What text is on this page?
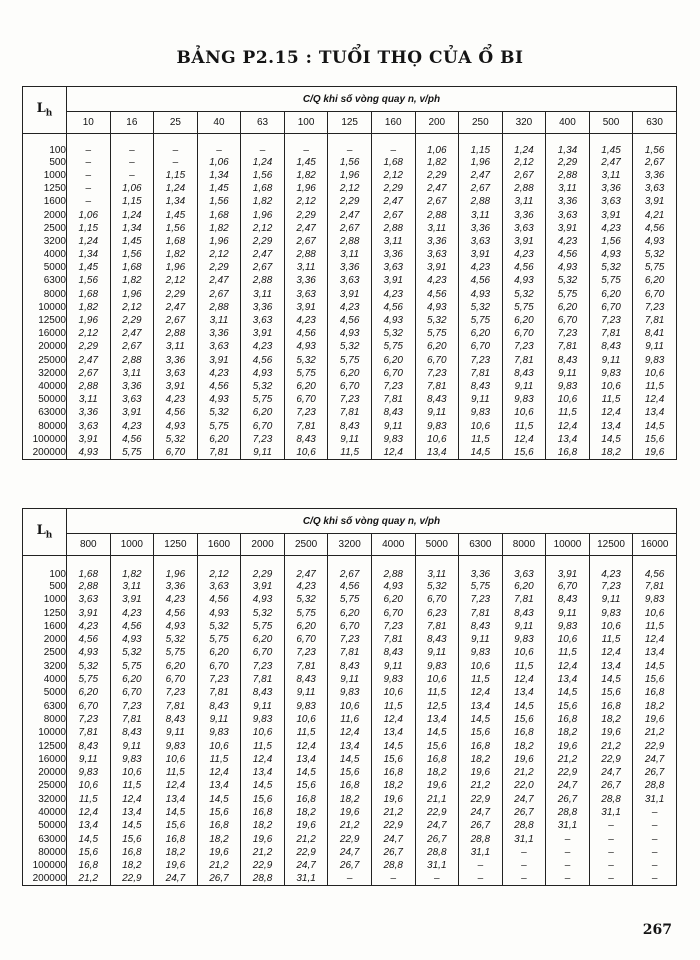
BẢNG P2.15 : TUỔI THỌ CỦA Ổ BI
$L_h$	C/Q khi số vòng quay n, v/ph													
	10	16	25	40	63	100	125	160	200	250	320	400	500	630
100	–	–	–	–	–	–	–	–	1,06	1,15	1,24	1,34	1,45	1,56
500	–	–	–	1,06	1,24	1,45	1,56	1,68	1,82	1,96	2,12	2,29	2,47	2,67
1000	–	–	1,15	1,34	1,56	1,82	1,96	2,12	2,29	2,47	2,67	2,88	3,11	3,36
1250	–	1,06	1,24	1,45	1,68	1,96	2,12	2,29	2,47	2,67	2,88	3,11	3,36	3,63
1600	–	1,15	1,34	1,56	1,82	2,12	2,29	2,47	2,67	2,88	3,11	3,36	3,63	3,91
2000	1,06	1,24	1,45	1,68	1,96	2,29	2,47	2,67	2,88	3,11	3,36	3,63	3,91	4,21
2500	1,15	1,34	1,56	1,82	2,12	2,47	2,67	2,88	3,11	3,36	3,63	3,91	4,23	4,56
3200	1,24	1,45	1,68	1,96	2,29	2,67	2,88	3,11	3,36	3,63	3,91	4,23	1,56	4,93
4000	1,34	1,56	1,82	2,12	2,47	2,88	3,11	3,36	3,63	3,91	4,23	4,56	4,93	5,32
5000	1,45	1,68	1,96	2,29	2,67	3,11	3,36	3,63	3,91	4,23	4,56	4,93	5,32	5,75
6300	1,56	1,82	2,12	2,47	2,88	3,36	3,63	3,91	4,23	4,56	4,93	5,32	5,75	6,20
8000	1,68	1,96	2,29	2,67	3,11	3,63	3,91	4,23	4,56	4,93	5,32	5,75	6,20	6,70
10000	1,82	2,12	2,47	2,88	3,36	3,91	4,23	4,56	4,93	5,32	5,75	6,20	6,70	7,23
12500	1,96	2,29	2,67	3,11	3,63	4,23	4,56	4,93	5,32	5,75	6,20	6,70	7,23	7,81
16000	2,12	2,47	2,88	3,36	3,91	4,56	4,93	5,32	5,75	6,20	6,70	7,23	7,81	8,41
20000	2,29	2,67	3,11	3,63	4,23	4,93	5,32	5,75	6,20	6,70	7,23	7,81	8,43	9,11
25000	2,47	2,88	3,36	3,91	4,56	5,32	5,75	6,20	6,70	7,23	7,81	8,43	9,11	9,83
32000	2,67	3,11	3,63	4,23	4,93	5,75	6,20	6,70	7,23	7,81	8,43	9,11	9,83	10,6
40000	2,88	3,36	3,91	4,56	5,32	6,20	6,70	7,23	7,81	8,43	9,11	9,83	10,6	11,5
50000	3,11	3,63	4,23	4,93	5,75	6,70	7,23	7,81	8,43	9,11	9,83	10,6	11,5	12,4
63000	3,36	3,91	4,56	5,32	6,20	7,23	7,81	8,43	9,11	9,83	10,6	11,5	12,4	13,4
80000	3,63	4,23	4,93	5,75	6,70	7,81	8,43	9,11	9,83	10,6	11,5	12,4	13,4	14,5
100000	3,91	4,56	5,32	6,20	7,23	8,43	9,11	9,83	10,6	11,5	12,4	13,4	14,5	15,6
200000	4,93	5,75	6,70	7,81	9,11	10,6	11,5	12,4	13,4	14,5	15,6	16,8	18,2	19,6
$L_h$	C/Q khi số vòng quay n, v/ph													
	800	1000	1250	1600	2000	2500	3200	4000	5000	6300	8000	10000	12500	16000
100	1,68	1,82	1,96	2,12	2,29	2,47	2,67	2,88	3,11	3,36	3,63	3,91	4,23	4,56
500	2,88	3,11	3,36	3,63	3,91	4,23	4,56	4,93	5,32	5,75	6,20	6,70	7,23	7,81
1000	3,63	3,91	4,23	4,56	4,93	5,32	5,75	6,20	6,70	7,23	7,81	8,43	9,11	9,83
1250	3,91	4,23	4,56	4,93	5,32	5,75	6,20	6,70	6,23	7,81	8,43	9,11	9,83	10,6
1600	4,23	4,56	4,93	5,32	5,75	6,20	6,70	7,23	7,81	8,43	9,11	9,83	10,6	11,5
2000	4,56	4,93	5,32	5,75	6,20	6,70	7,23	7,81	8,43	9,11	9,83	10,6	11,5	12,4
2500	4,93	5,32	5,75	6,20	6,70	7,23	7,81	8,43	9,11	9,83	10,6	11,5	12,4	13,4
3200	5,32	5,75	6,20	6,70	7,23	7,81	8,43	9,11	9,83	10,6	11,5	12,4	13,4	14,5
4000	5,75	6,20	6,70	7,23	7,81	8,43	9,11	9,83	10,6	11,5	12,4	13,4	14,5	15,6
5000	6,20	6,70	7,23	7,81	8,43	9,11	9,83	10,6	11,5	12,4	13,4	14,5	15,6	16,8
6300	6,70	7,23	7,81	8,43	9,11	9,83	10,6	11,5	12,5	13,4	14,5	15,6	16,8	18,2
8000	7,23	7,81	8,43	9,11	9,83	10,6	11,6	12,4	13,4	14,5	15,6	16,8	18,2	19,6
10000	7,81	8,43	9,11	9,83	10,6	11,5	12,4	13,4	14,5	15,6	16,8	18,2	19,6	21,2
12500	8,43	9,11	9,83	10,6	11,5	12,4	13,4	14,5	15,6	16,8	18,2	19,6	21,2	22,9
16000	9,11	9,83	10,6	11,5	12,4	13,4	14,5	15,6	16,8	18,2	19,6	21,2	22,9	24,7
20000	9,83	10,6	11,5	12,4	13,4	14,5	15,6	16,8	18,2	19,6	21,2	22,9	24,7	26,7
25000	10,6	11,5	12,4	13,4	14,5	15,6	16,8	18,2	19,6	21,2	22,0	24,7	26,7	28,8
32000	11,5	12,4	13,4	14,5	15,6	16,8	18,2	19,6	21,1	22,9	24,7	26,7	28,8	31,1
40000	12,4	13,4	14,5	15,6	16,8	18,2	19,6	21,2	22,9	24,7	26,7	28,8	31,1	–
50000	13,4	14,5	15,6	16,8	18,2	19,6	21,2	22,9	24,7	26,7	28,8	31,1	–	–
63000	14,5	15,6	16,8	18,2	19,6	21,2	22,9	24,7	26,7	28,8	31,1	–	–	–
80000	15,6	16,8	18,2	19,6	21,2	22,9	24,7	26,7	28,8	31,1	–	–	–	–
100000	16,8	18,2	19,6	21,2	22,9	24,7	26,7	28,8	31,1	–	–	–	–	–
200000	21,2	22,9	24,7	26,7	28,8	31,1	–	–	–	–	–	–	–	–
267
